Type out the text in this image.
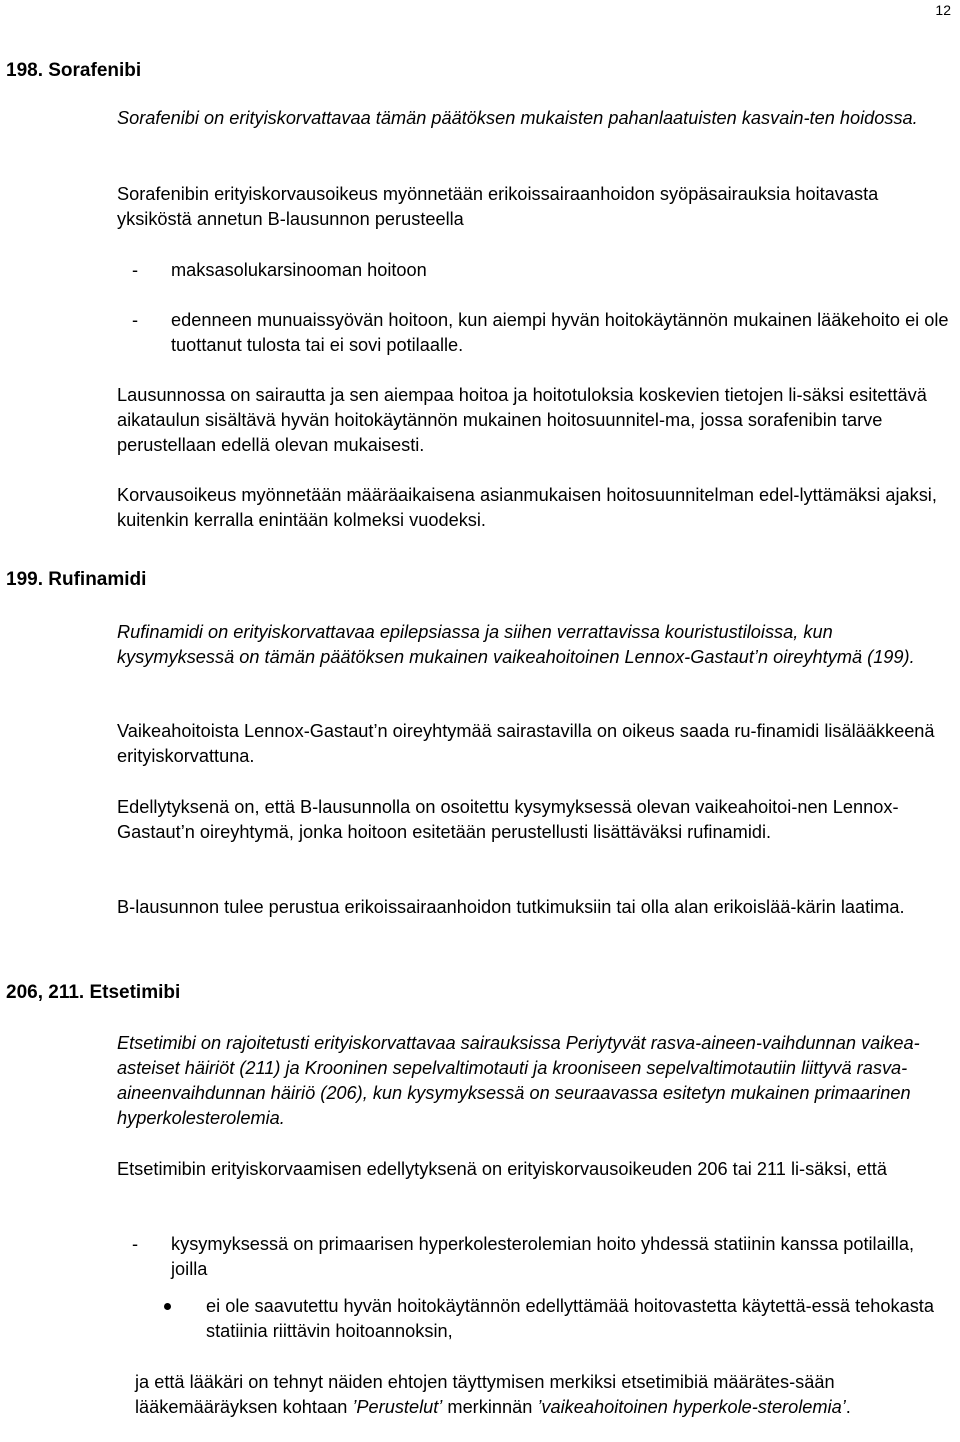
12
198. Sorafenibi
Sorafenibi on erityiskorvattavaa tämän päätöksen mukaisten pahanlaatuisten kasvain-ten hoidossa.
Sorafenibin erityiskorvausoikeus myönnetään erikoissairaanhoidon syöpäsairauksia hoitavasta yksiköstä annetun B-lausunnon perusteella
- maksasolukarsinooman hoitoon
- edenneen munuaissyövän hoitoon, kun aiempi hyvän hoitokäytännön mukainen lääkehoito ei ole tuottanut tulosta tai ei sovi potilaalle.
Lausunnossa on sairautta ja sen aiempaa hoitoa ja hoitotuloksia koskevien tietojen li-säksi esitettävä aikataulun sisältävä hyvän hoitokäytännön mukainen hoitosuunnitel-ma, jossa sorafenibin tarve perustellaan edellä olevan mukaisesti.
Korvausoikeus myönnetään määräaikaisena asianmukaisen hoitosuunnitelman edel-lyttämäksi ajaksi, kuitenkin kerralla enintään kolmeksi vuodeksi.
199. Rufinamidi
Rufinamidi on erityiskorvattavaa epilepsiassa ja siihen verrattavissa kouristustiloissa, kun kysymyksessä on tämän päätöksen mukainen vaikeahoitoinen Lennox-Gastaut’n oireyhtymä (199).
Vaikeahoitoista Lennox-Gastaut’n oireyhtymää sairastavilla on oikeus saada ru-finamidi lisälääkkeenä erityiskorvattuna.
Edellytyksenä on, että B-lausunnolla on osoitettu kysymyksessä olevan vaikeahoitoi-nen Lennox-Gastaut’n oireyhtymä, jonka hoitoon esitetään perustellusti lisättäväksi rufinamidi.
B-lausunnon tulee perustua erikoissairaanhoidon tutkimuksiin tai olla alan erikoislää-kärin laatima.
206, 211. Etsetimibi
Etsetimibi on rajoitetusti erityiskorvattavaa sairauksissa Periytyvät rasva-aineen-vaihdunnan vaikea-asteiset häiriöt (211) ja Krooninen sepelvaltimotauti ja krooniseen sepelvaltimotautiin liittyvä rasva-aineenvaihdunnan häiriö (206), kun kysymyksessä on seuraavassa esitetyn mukainen primaarinen hyperkolesterolemia.
Etsetimibin erityiskorvaamisen edellytyksenä on erityiskorvausoikeuden 206 tai 211 li-säksi, että
- kysymyksessä on primaarisen hyperkolesterolemian hoito yhdessä statiinin kanssa potilailla, joilla
ei ole saavutettu hyvän hoitokäytännön edellyttämää hoitovastetta käytettä-essä tehokasta statiinia riittävin hoitoannoksin,
ja että lääkäri on tehnyt näiden ehtojen täyttymisen merkiksi etsetimibiä määrätes-sään lääkemääräyksen kohtaan ’Perustelut’ merkinnän ’vaikeahoitoinen hyperkole-sterolemia’.
